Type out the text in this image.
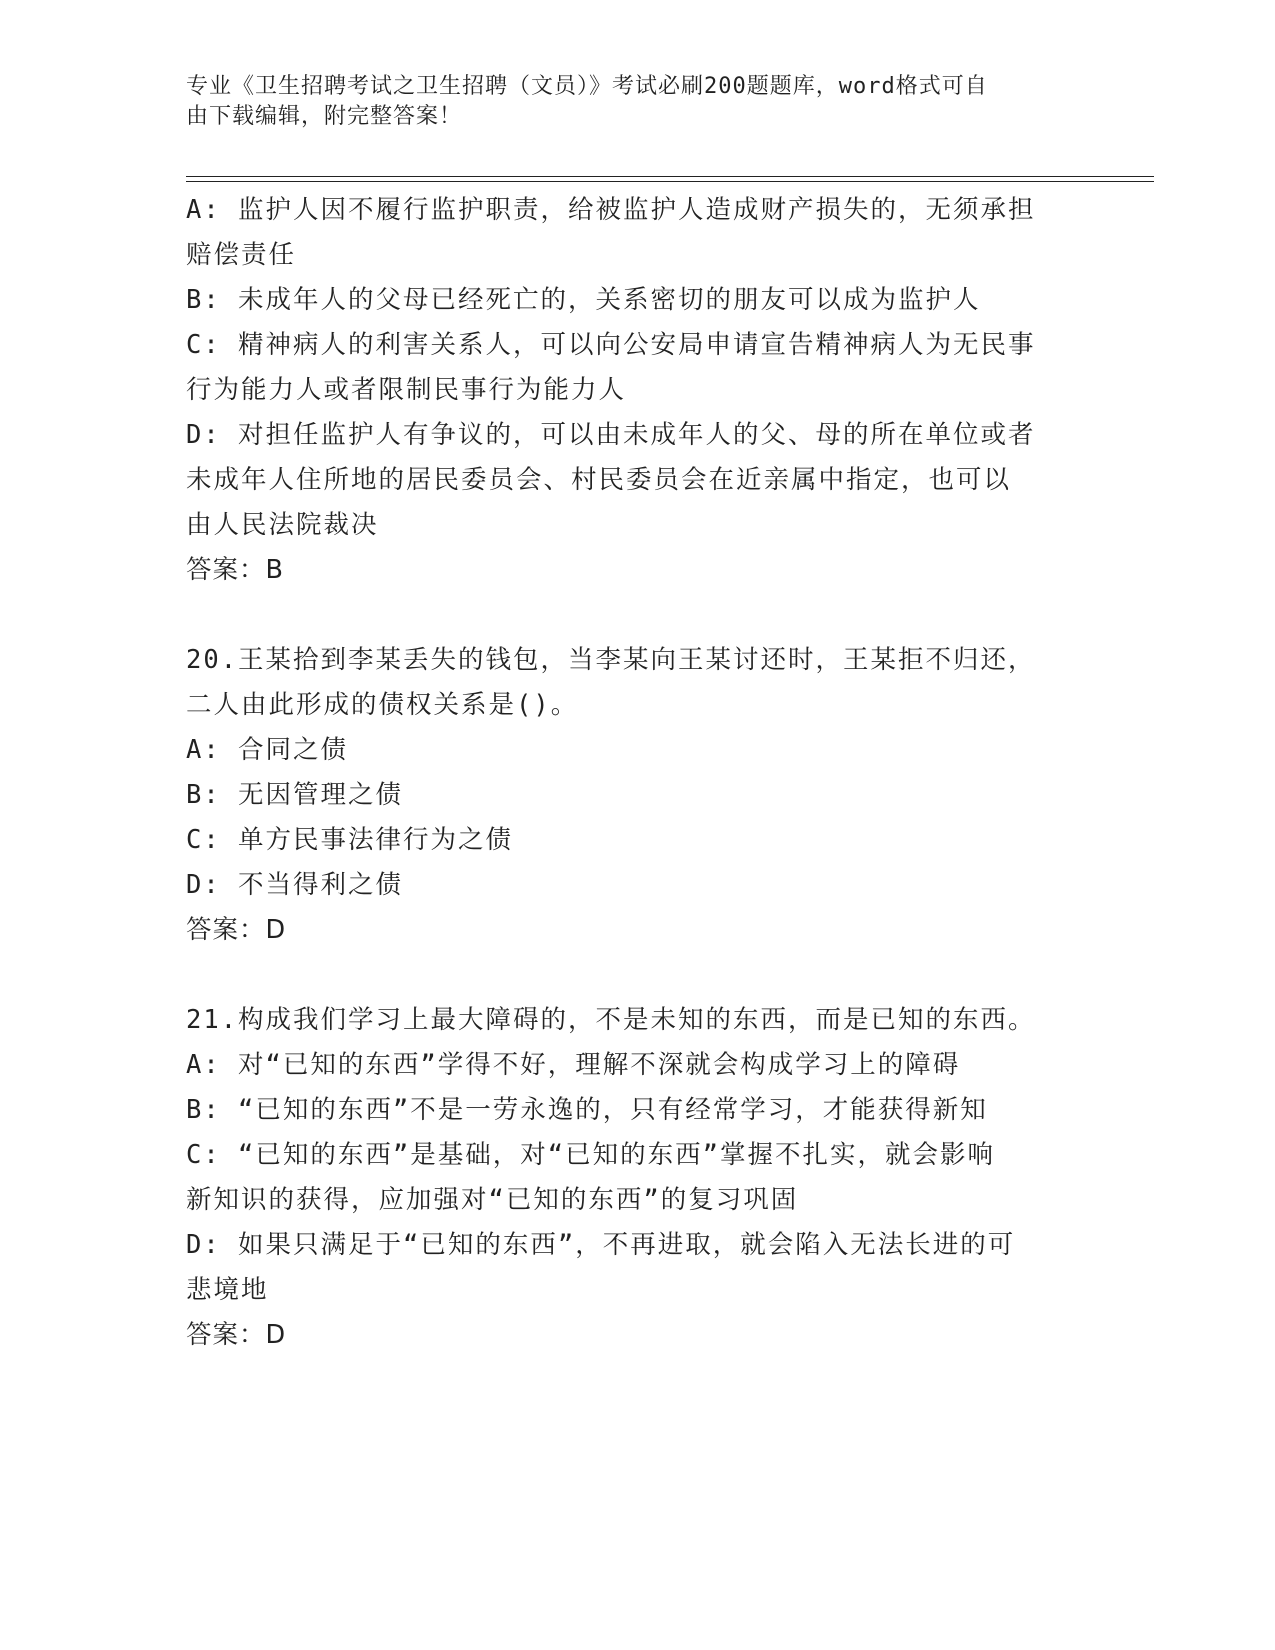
专业《卫生招聘考试之卫生招聘（文员）》考试必刷200题题库，word格式可自
由下载编辑，附完整答案！
A: 监护人因不履行监护职责，给被监护人造成财产损失的，无须承担
赔偿责任
B: 未成年人的父母已经死亡的，关系密切的朋友可以成为监护人
C: 精神病人的利害关系人，可以向公安局申请宣告精神病人为无民事
行为能力人或者限制民事行为能力人
D: 对担任监护人有争议的，可以由未成年人的父、母的所在单位或者
未成年人住所地的居民委员会、村民委员会在近亲属中指定，也可以
由人民法院裁决
答案：B
20.王某拾到李某丢失的钱包，当李某向王某讨还时，王某拒不归还，
二人由此形成的债权关系是()。
A: 合同之债
B: 无因管理之债
C: 单方民事法律行为之债
D: 不当得利之债
答案：D
21.构成我们学习上最大障碍的，不是未知的东西，而是已知的东西。
A: 对“已知的东西”学得不好，理解不深就会构成学习上的障碍
B: “已知的东西”不是一劳永逸的，只有经常学习，才能获得新知
C: “已知的东西”是基础，对“已知的东西”掌握不扎实，就会影响
新知识的获得，应加强对“已知的东西”的复习巩固
D: 如果只满足于“已知的东西”，不再进取，就会陷入无法长进的可
悲境地
答案：D
